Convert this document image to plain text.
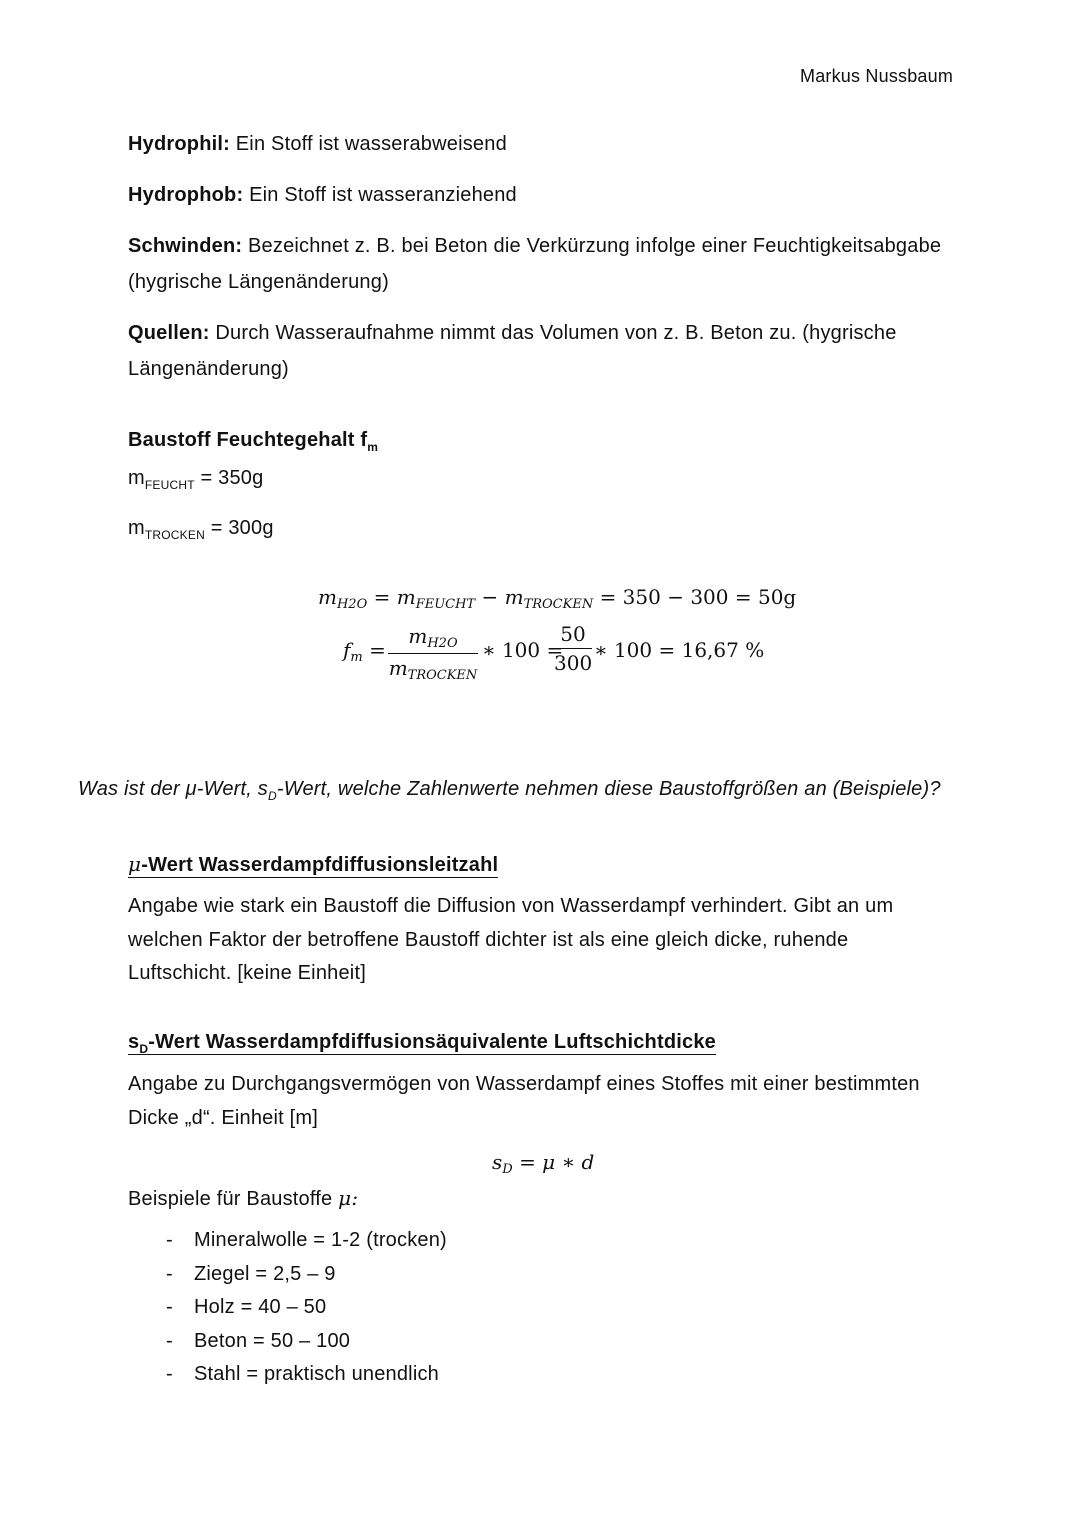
Markus Nussbaum
Hydrophil: Ein Stoff ist wasserabweisend
Hydrophob: Ein Stoff ist wasseranziehend
Schwinden: Bezeichnet z. B. bei Beton die Verkürzung infolge einer Feuchtigkeitsabgabe
(hygrische Längenänderung)
Quellen: Durch Wasseraufnahme nimmt das Volumen von z. B. Beton zu. (hygrische
Längenänderung)
Baustoff Feuchtegehalt $f_m$
$m_{FEUCHT} = 350g$
$m_{TROCKEN} = 300g$
$m_{H2O} = m_{FEUCHT} - m_{TROCKEN} = 350 - 300 = 50g$
$f_m$ =
$m_{H2O}$
$m_{TROCKEN}$
∗ 100 =
$\frac{50}{300}$ ∗ 100 = 16,67 %
Was ist der μ-Wert, $s_D$-Wert, welche Zahlenwerte nehmen diese Baustoffgrößen an (Beispiele)?
μ-Wert Wasserdampfdiffusionsleitzahl
Angabe wie stark ein Baustoff die Diffusion von Wasserdampf verhindert. Gibt an um
welchen Faktor der betroffene Baustoff dichter ist als eine gleich dicke, ruhende
Luftschicht. [keine Einheit]
$s_D$-Wert Wasserdampfdiffusionsäquivalente Luftschichtdicke
Angabe zu Durchgangsvermögen von Wasserdampf eines Stoffes mit einer bestimmten
Dicke „d“. Einheit [m]
$s_D = \mu$ ∗ d
Beispiele für Baustoffe μ:
- Mineralwolle = 1-2 (trocken)
- Ziegel = 2,5 – 9
- Holz = 40 – 50
- Beton = 50 – 100
- Stahl = praktisch unendlich
